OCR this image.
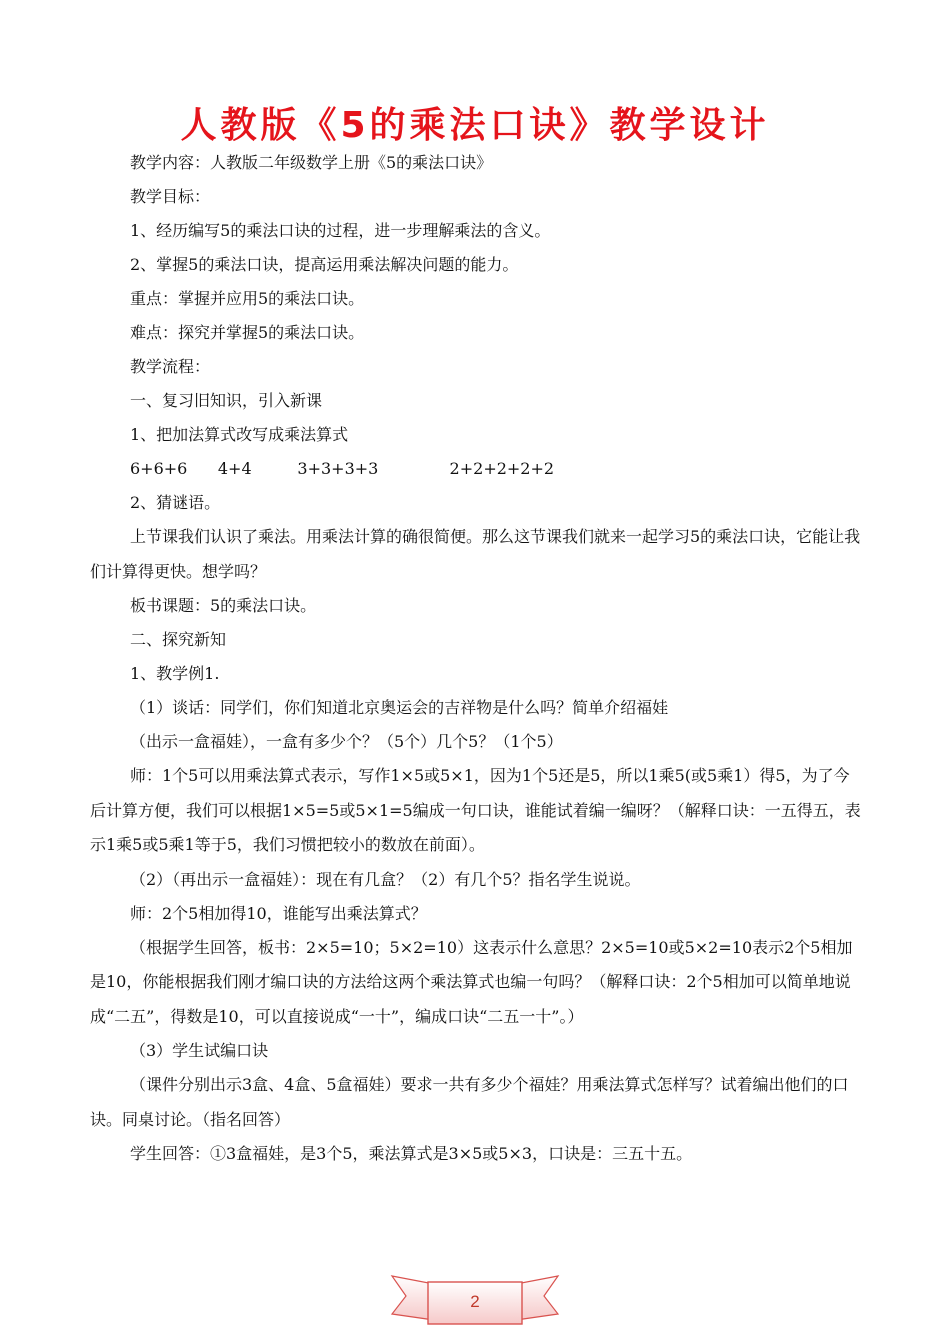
人教版《5的乘法口诀》教学设计

教学内容：人教版二年级数学上册《5的乘法口诀》

教学目标：

1、经历编写5的乘法口诀的过程，进一步理解乘法的含义。

2、掌握5的乘法口诀，提高运用乘法解决问题的能力。

重点：掌握并应用5的乘法口诀。

难点：探究并掌握5的乘法口诀。

教学流程：

一、复习旧知识，引入新课

1、把加法算式改写成乘法算式

6+6+6      4+4         3+3+3+3              2+2+2+2+2

2、猜谜语。

上节课我们认识了乘法。用乘法计算的确很简便。那么这节课我们就来一起学习5的乘法口诀，它能让我们计算得更快。想学吗？

板书课题：5的乘法口诀。

二、探究新知

1、教学例1.

（1）谈话：同学们，你们知道北京奥运会的吉祥物是什么吗？简单介绍福娃

（出示一盒福娃），一盒有多少个？（5个）几个5？（1个5）

师：1个5可以用乘法算式表示，写作1×5或5×1，因为1个5还是5，所以1乘5(或5乘1）得5，为了今后计算方便，我们可以根据1×5=5或5×1=5编成一句口诀，谁能试着编一编呀？（解释口诀：一五得五，表示1乘5或5乘1等于5，我们习惯把较小的数放在前面）。

（2）（再出示一盒福娃）：现在有几盒？（2）有几个5？指名学生说说。

师：2个5相加得10，谁能写出乘法算式？

（根据学生回答，板书：2×5=10；5×2=10）这表示什么意思？2×5=10或5×2=10表示2个5相加是10，你能根据我们刚才编口诀的方法给这两个乘法算式也编一句吗？（解释口诀：2个5相加可以简单地说成“二五”，得数是10，可以直接说成“一十”，编成口诀“二五一十”。）

（3）学生试编口诀

（课件分别出示3盒、4盒、5盒福娃）要求一共有多少个福娃？用乘法算式怎样写？试着编出他们的口诀。同桌讨论。（指名回答）

学生回答：①3盒福娃，是3个5，乘法算式是3×5或5×3，口诀是：三五十五。

2
